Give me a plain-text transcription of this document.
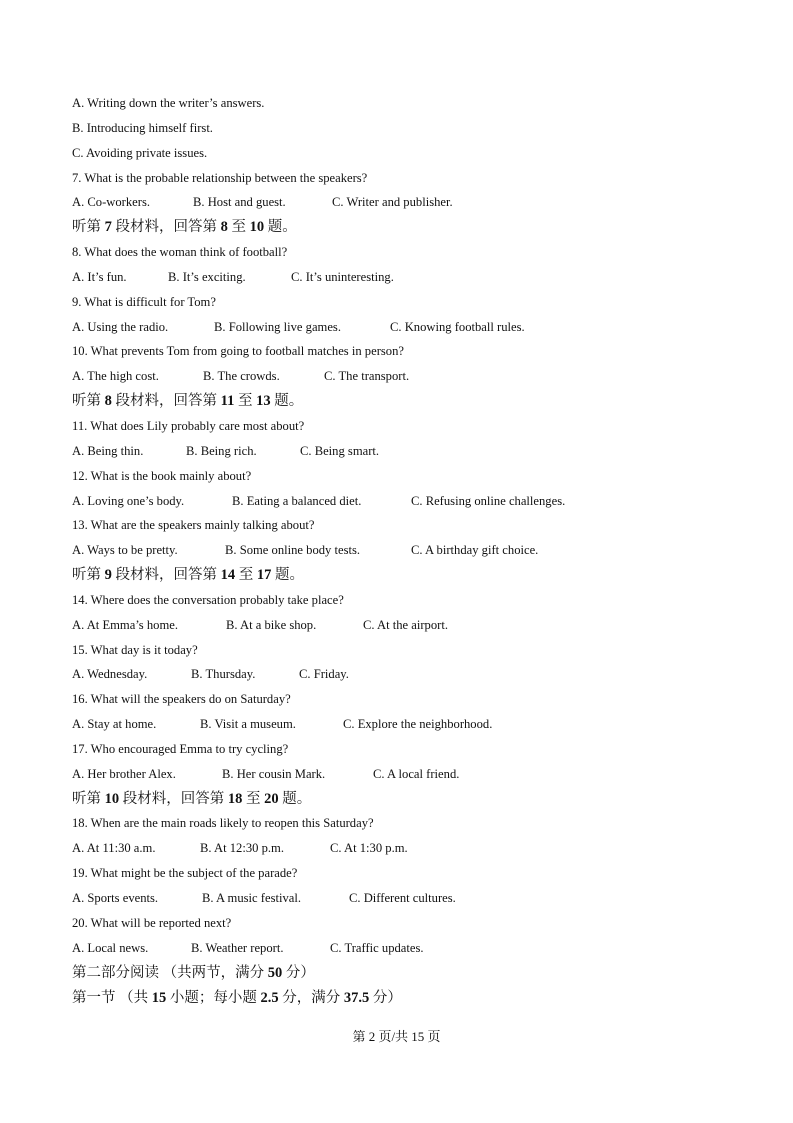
A. Writing down the writer’s answers.
B. Introducing himself first.
C. Avoiding private issues.
7. What is the probable relationship between the speakers?
A. Co-workers.	B. Host and guest.	C. Writer and publisher.
听第 7 段材料，回答第 8 至 10 题。
8. What does the woman think of football?
A. It’s fun.	B. It’s exciting.	C. It’s uninteresting.
9. What is difficult for Tom?
A. Using the radio.	B. Following live games.	C. Knowing football rules.
10. What prevents Tom from going to football matches in person?
A. The high cost.	B. The crowds.	C. The transport.
听第 8 段材料，回答第 11 至 13 题。
11. What does Lily probably care most about?
A. Being thin.	B. Being rich.	C. Being smart.
12. What is the book mainly about?
A. Loving one’s body.	B. Eating a balanced diet.	C. Refusing online challenges.
13. What are the speakers mainly talking about?
A. Ways to be pretty.	B. Some online body tests.	C. A birthday gift choice.
听第 9 段材料，回答第 14 至 17 题。
14. Where does the conversation probably take place?
A. At Emma’s home.	B. At a bike shop.	C. At the airport.
15. What day is it today?
A. Wednesday.	B. Thursday.	C. Friday.
16. What will the speakers do on Saturday?
A. Stay at home.	B. Visit a museum.	C. Explore the neighborhood.
17. Who encouraged Emma to try cycling?
A. Her brother Alex.	B. Her cousin Mark.	C. A local friend.
听第 10 段材料，回答第 18 至 20 题。
18. When are the main roads likely to reopen this Saturday?
A. At 11:30 a.m.	B. At 12:30 p.m.	C. At 1:30 p.m.
19. What might be the subject of the parade?
A. Sports events.	B. A music festival.	C. Different cultures.
20. What will be reported next?
A. Local news.	B. Weather report.	C. Traffic updates.
第二部分阅读 （共两节，满分 50 分）
第一节 （共 15 小题；每小题 2.5 分，满分 37.5 分）
第 2 页/共 15 页
